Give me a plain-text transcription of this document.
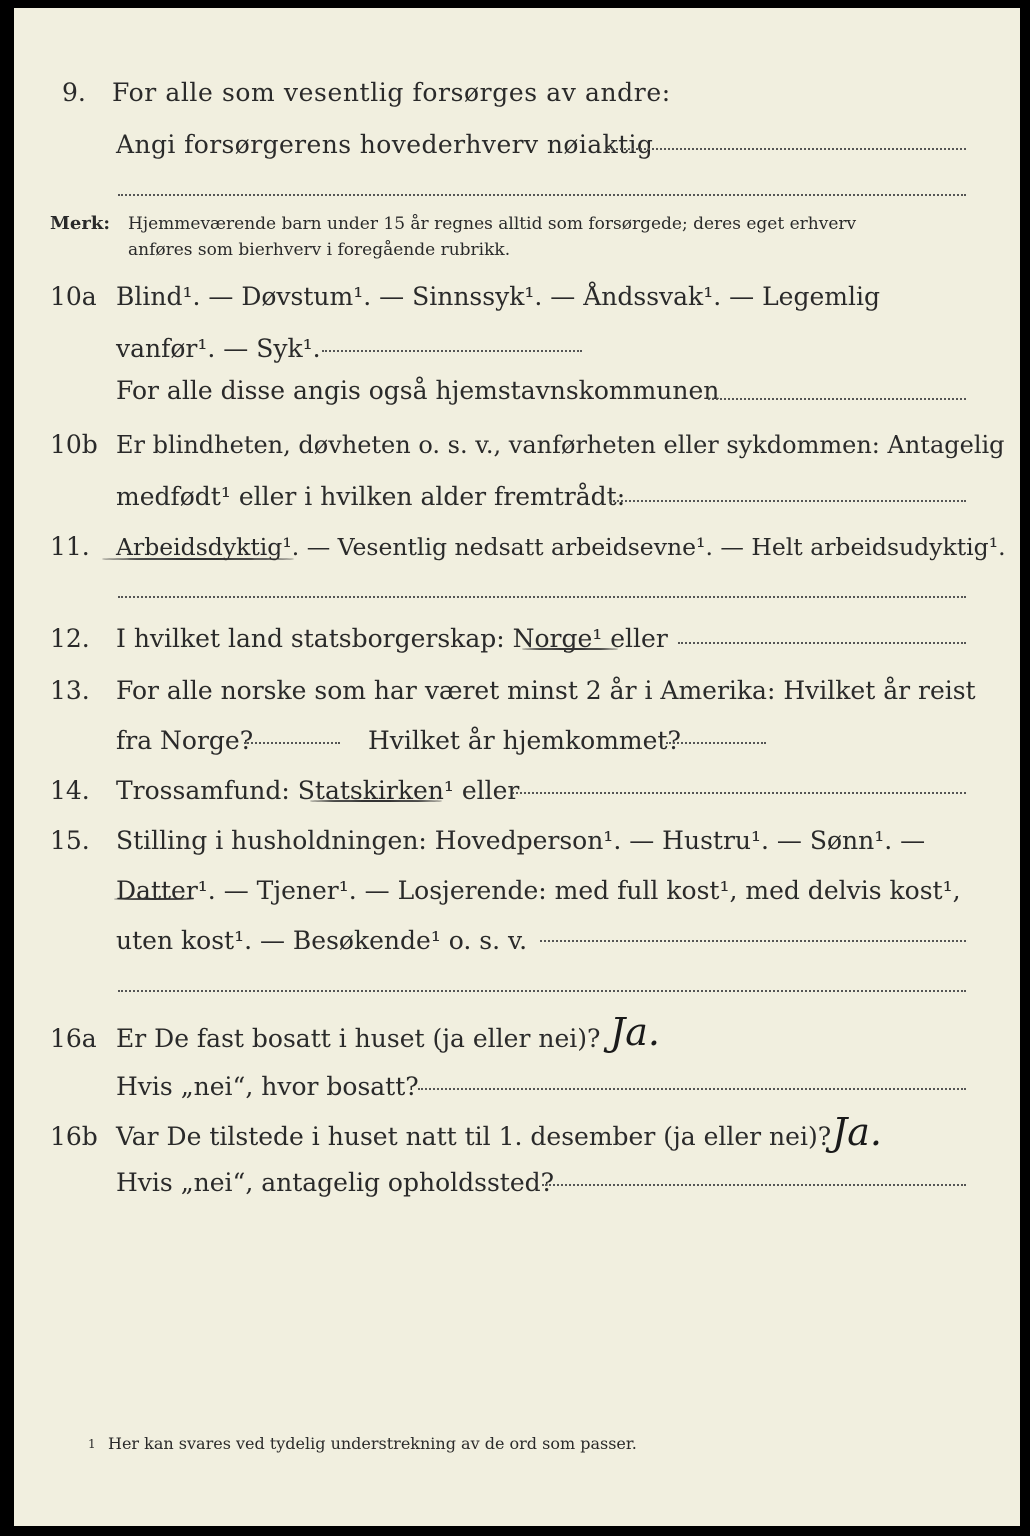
9. For alle som vesentlig forsørges av andre:
Angi forsørgerens hovederhverv nøiaktig
Merk: Hjemmeværende barn under 15 år regnes alltid som forsørgede; deres eget erhverv
anføres som bierhverv i foregående rubrikk.
10a Blind¹. — Døvstum¹. — Sinnssyk¹. — Åndssvak¹. — Legemlig
vanfør¹. — Syk¹.
For alle disse angis også hjemstavnskommunen
10b Er blindheten, døvheten o. s. v., vanførheten eller sykdommen: Antagelig
medfødt¹ eller i hvilken alder fremtrådt:
11. Arbeidsdyktig¹. — Vesentlig nedsatt arbeidsevne¹. — Helt arbeidsudyktig¹.
12. I hvilket land statsborgerskap: Norge¹ eller
13. For alle norske som har været minst 2 år i Amerika: Hvilket år reist
fra Norge?	Hvilket år hjemkommet?
14. Trossamfund: Statskirken¹ eller
15. Stilling i husholdningen: Hovedperson¹. — Hustru¹. — Sønn¹. —
Datter¹. — Tjener¹. — Losjerende: med full kost¹, med delvis kost¹,
uten kost¹. — Besøkende¹ o. s. v.
16a Er De fast bosatt i huset (ja eller nei)? Ja.
Hvis „nei“, hvor bosatt?
16b Var De tilstede i huset natt til 1. desember (ja eller nei)? Ja.
Hvis „nei“, antagelig opholdssted?
1 Her kan svares ved tydelig understrekning av de ord som passer.
